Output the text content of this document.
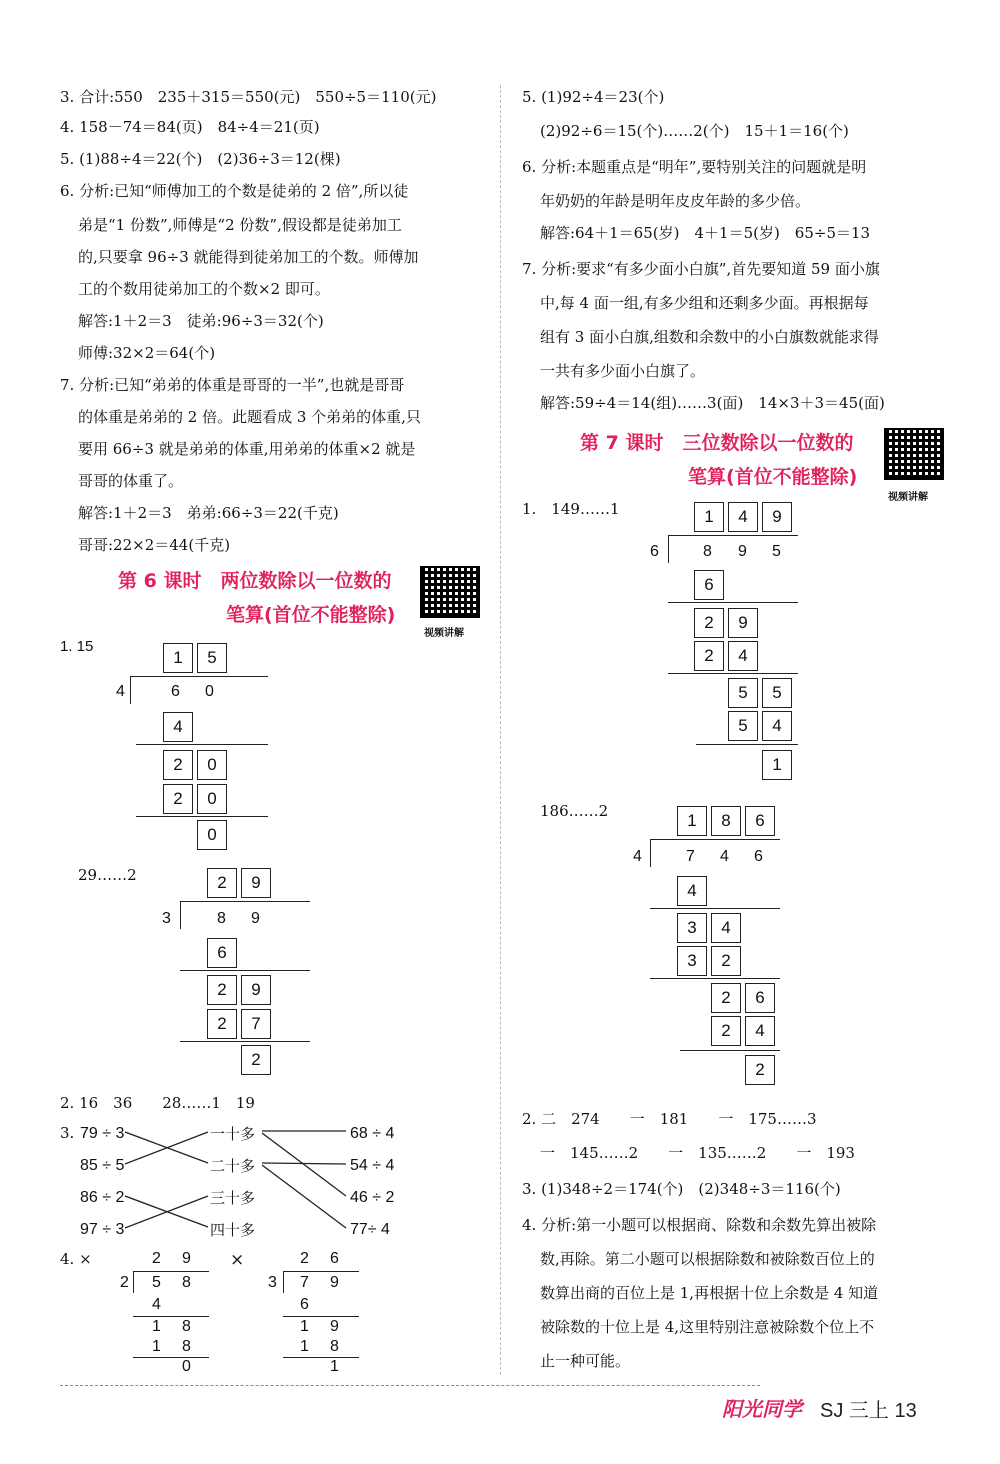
3. 合计:550　235＋315＝550(元)　550÷5＝110(元)
4. 158－74＝84(页)　84÷4＝21(页)
5. (1)88÷4＝22(个)　(2)36÷3＝12(棵)
6. 分析:已知“师傅加工的个数是徒弟的 2 倍”,所以徒
弟是“1 份数”,师傅是“2 份数”,假设都是徒弟加工
的,只要拿 96÷3 就能得到徒弟加工的个数。师傅加
工的个数用徒弟加工的个数×2 即可。
解答:1＋2＝3　徒弟:96÷3＝32(个)
师傅:32×2＝64(个)
7. 分析:已知“弟弟的体重是哥哥的一半”,也就是哥哥
的体重是弟弟的 2 倍。此题看成 3 个弟弟的体重,只
要用 66÷3 就是弟弟的体重,用弟弟的体重×2 就是
哥哥的体重了。
解答:1＋2＝3　弟弟:66÷3＝22(千克)
哥哥:22×2＝44(千克)
第 6 课时　两位数除以一位数的
笔算(首位不能整除)
视频讲解
1. 15
1	5
4	6 0
4
2	0
2	0
0
29……2	2	9
3	8 9
6
2	9
2	7
2
2. 16　36　　28……1　19
3. 79 ÷ 3
85 ÷ 5
86 ÷ 2
97 ÷ 3
一十多
二十多
三十多
四十多
68 ÷ 4
54 ÷ 4
46 ÷ 2
77÷ 4
4. ×	2 9
2 5 8
4
1 8
1 8
0
×	2 6
3 7 9
6
1 9
1 8
1
5. (1)92÷4＝23(个)
(2)92÷6＝15(个)……2(个)　15＋1＝16(个)
6. 分析:本题重点是“明年”,要特别关注的问题就是明
年奶奶的年龄是明年皮皮年龄的多少倍。
解答:64＋1＝65(岁)　4＋1＝5(岁)　65÷5＝13
7. 分析:要求“有多少面小白旗”,首先要知道 59 面小旗
中,每 4 面一组,有多少组和还剩多少面。再根据每
组有 3 面小白旗,组数和余数中的小白旗数就能求得
一共有多少面小白旗了。
解答:59÷4＝14(组)……3(面)　14×3＋3＝45(面)
第 7 课时　三位数除以一位数的
笔算(首位不能整除)
视频讲解
1.　149……1	1	4	9
6	8 9 5
6
2	9
2	4
5	5
5	4
1
186……2	1	8	6
4	7 4 6
4
3	4
3	2
2	6
2	4
2
2. 二　274　　一　181　　一　175……3
一　145……2　　一　135……2　　一　193
3. (1)348÷2＝174(个)　(2)348÷3＝116(个)
4. 分析:第一小题可以根据商、除数和余数先算出被除
数,再除。第二小题可以根据除数和被除数百位上的
数算出商的百位上是 1,再根据十位上余数是 4 知道
被除数的十位上是 4,这里特别注意被除数个位上不
止一种可能。
阳光同学 SJ 三上 13
